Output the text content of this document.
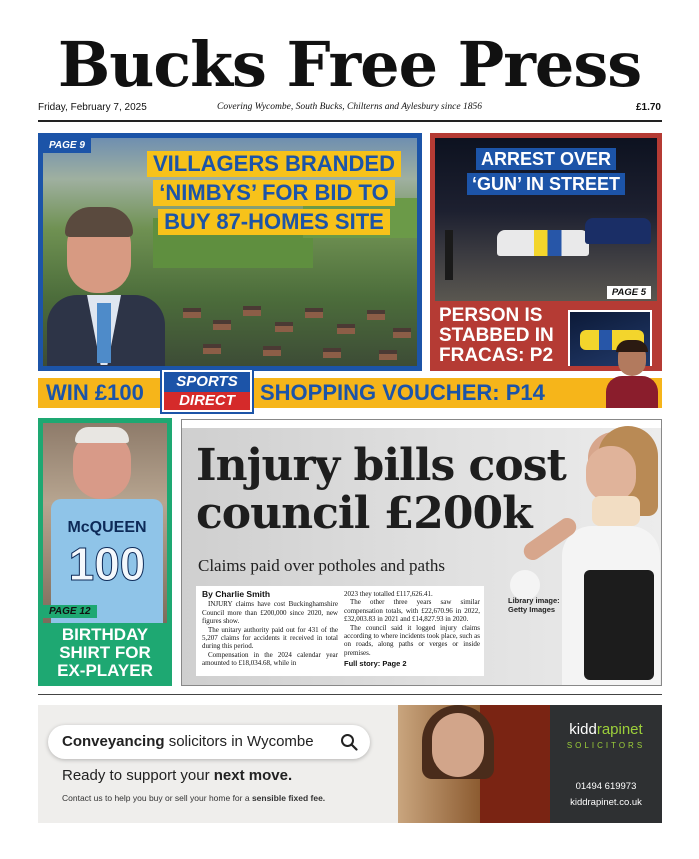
Bucks Free Press
Friday, February 7, 2025	Covering Wycombe, South Bucks, Chilterns and Aylesbury since 1856	£1.70
PAGE 9
VILLAGERS BRANDED
‘NIMBYS’ FOR BID TO
BUY 87-HOMES SITE
ARREST OVER
‘GUN’ IN STREET
PAGE 5
PERSON IS
STABBED IN
FRACAS: P2
WIN £100	SPORTS
DIRECT	SHOPPING VOUCHER: P14
McQUEEN
100
PAGE 12
BIRTHDAY
SHIRT FOR
EX-PLAYER
Injury bills cost
council £200k
Claims paid over potholes and paths
By Charlie Smith

INJURY claims have cost Buckinghamshire Council more than £200,000 since 2020, new figures show.

The unitary authority paid out for 431 of the 5,207 claims for accidents it received in total during this period.

Compensation in the 2024 calendar year amounted to £18,034.68, while in

2023 they totalled £117,626.41.

The other three years saw similar compensation totals, with £22,670.96 in 2022, £32,003.83 in 2021 and £14,827.93 in 2020.

The council said it logged injury claims according to where incidents took place, such as on roads, along paths or verges or inside premises.

Full story: Page 2
Library image:
Getty Images
Conveyancing solicitors in Wycombe
Ready to support your next move.
Contact us to help you buy or sell your home for a sensible fixed fee.
kiddrapinet
SOLICITORS
01494 619973
kiddrapinet.co.uk
